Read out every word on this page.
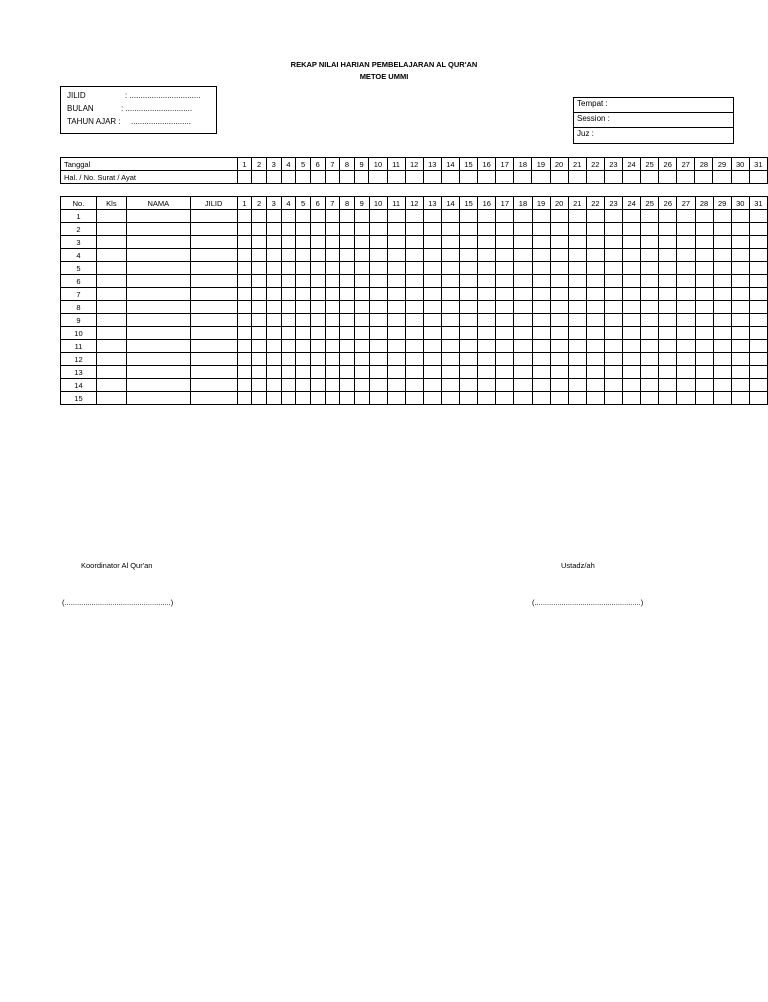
REKAP NILAI HARIAN PEMBELAJARAN AL QUR'AN
METOE UMMI
JILID	: ................................
BULAN	: ..............................
TAHUN AJAR : ...........................
Tempat :
Session :
Juz :
Tanggal	1	2	3	4	5	6	7	8	9	10	11	12	13	14	15	16	17	18	19	20	21	22	23	24	25	26	27	28	29	30	31
Hal. / No. Surat / Ayat																															
No.	Kls	NAMA	JILID	1	2	3	4	5	6	7	8	9	10	11	12	13	14	15	16	17	18	19	20	21	22	23	24	25	26	27	28	29	30	31
1																																		
2																																		
3																																		
4																																		
5																																		
6																																		
7																																		
8																																		
9																																		
10																																		
11																																		
12																																		
13																																		
14																																		
15																																		
Koordinator Al Qur'an
(...................................................)
Ustadz/ah
(...................................................)
